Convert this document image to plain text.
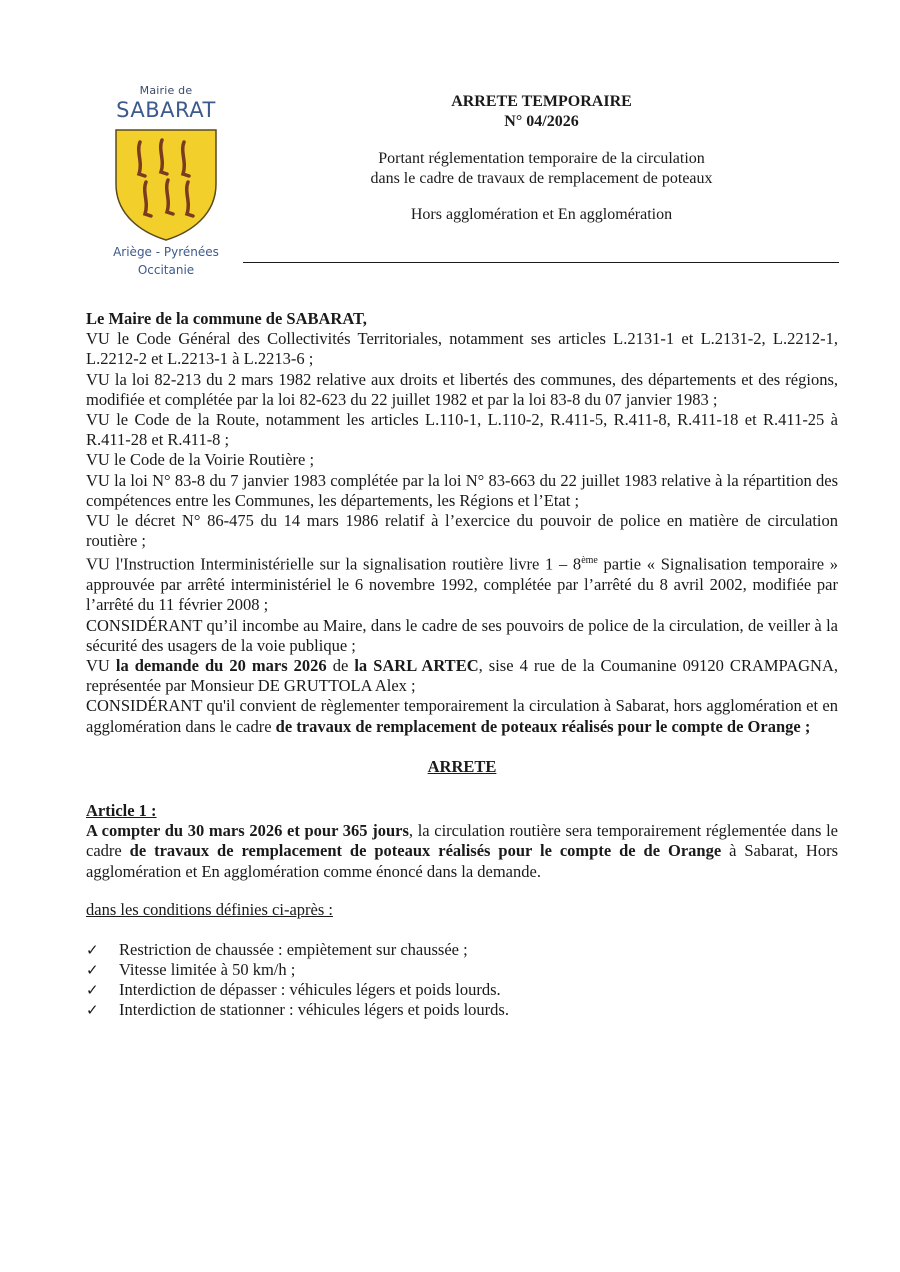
Mairie de
SABARAT
Ariège - Pyrénées
Occitanie
ARRETE TEMPORAIRE
N° 04/2026
Portant réglementation temporaire de la circulation
dans le cadre de travaux de remplacement de poteaux
Hors agglomération et En agglomération

Le Maire de la commune de SABARAT,

VU le Code Général des Collectivités Territoriales, notamment ses articles L.2131-1 et L.2131-2, L.2212-1, L.2212-2 et L.2213-1 à L.2213-6 ;

VU la loi 82-213 du 2 mars 1982 relative aux droits et libertés des communes, des départements et des régions, modifiée et complétée par la loi 82-623 du 22 juillet 1982 et par la loi 83-8 du 07 janvier 1983 ;

VU le Code de la Route, notamment les articles L.110-1, L.110-2, R.411-5, R.411-8, R.411-18 et R.411-25 à R.411-28 et R.411-8 ;

VU le Code de la Voirie Routière ;

VU la loi N° 83-8 du 7 janvier 1983 complétée par la loi N° 83-663 du 22 juillet 1983 relative à la répartition des compétences entre les Communes, les départements, les Régions et l’Etat ;

VU le décret N° 86-475 du 14 mars 1986 relatif à l’exercice du pouvoir de police en matière de circulation routière ;

VU l'Instruction Interministérielle sur la signalisation routière livre 1 – 8ème partie « Signalisation temporaire » approuvée par arrêté interministériel le 6 novembre 1992, complétée par l’arrêté du 8 avril 2002, modifiée par l’arrêté du 11 février 2008 ;

CONSIDÉRANT qu’il incombe au Maire, dans le cadre de ses pouvoirs de police de la circulation, de veiller à la sécurité des usagers de la voie publique ;

VU la demande du 20 mars 2026 de la SARL ARTEC, sise 4 rue de la Coumanine 09120 CRAMPAGNA, représentée par Monsieur DE GRUTTOLA Alex ;

CONSIDÉRANT qu'il convient de règlementer temporairement la circulation à Sabarat, hors agglomération et en agglomération dans le cadre de travaux de remplacement de poteaux réalisés pour le compte de Orange ;

ARRETE

Article 1 :

A compter du 30 mars 2026 et pour 365 jours, la circulation routière sera temporairement réglementée dans le cadre de travaux de remplacement de poteaux réalisés pour le compte de de Orange à Sabarat, Hors agglomération et En agglomération comme énoncé dans la demande.

dans les conditions définies ci-après :

✓ Restriction de chaussée : empiètement sur chaussée ;
✓ Vitesse limitée à 50 km/h ;
✓ Interdiction de dépasser : véhicules légers et poids lourds.
✓ Interdiction de stationner : véhicules légers et poids lourds.
